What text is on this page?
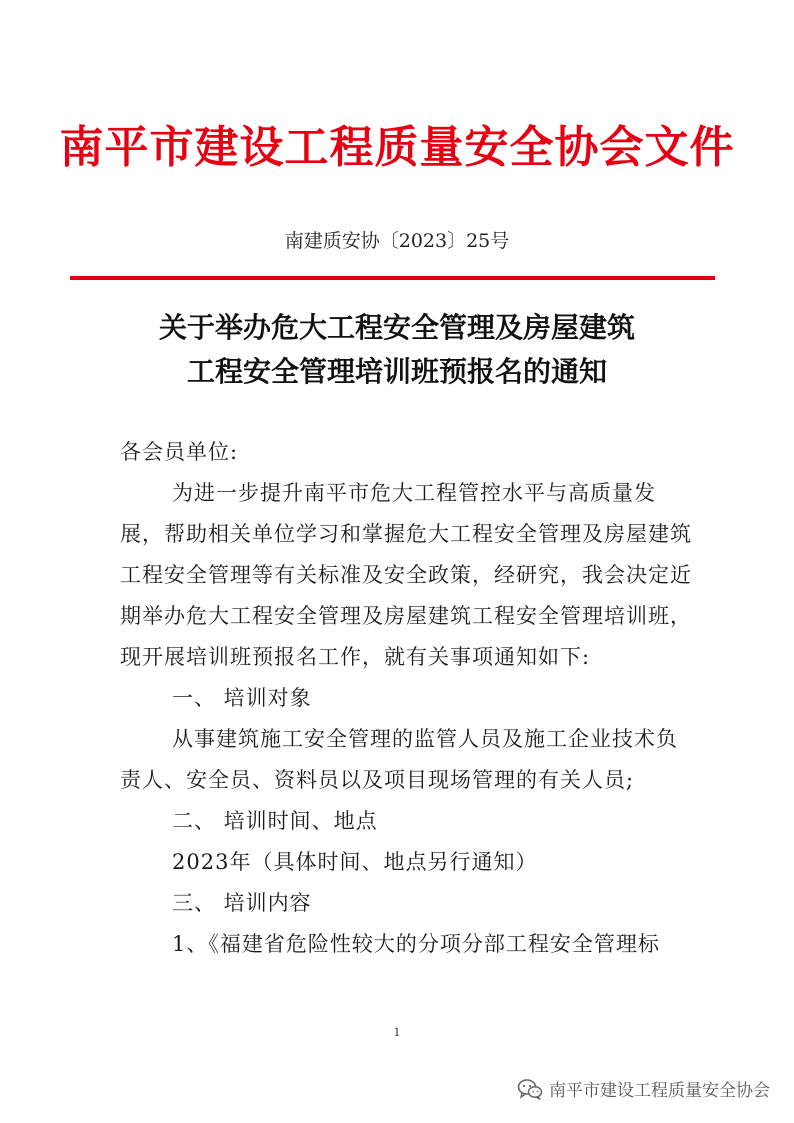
南平市建设工程质量安全协会文件
南建质安协〔2023〕25号
关于举办危大工程安全管理及房屋建筑
工程安全管理培训班预报名的通知

各会员单位:

为进一步提升南平市危大工程管控水平与高质量发

展，帮助相关单位学习和掌握危大工程安全管理及房屋建筑

工程安全管理等有关标准及安全政策，经研究，我会决定近

期举办危大工程安全管理及房屋建筑工程安全管理培训班，

现开展培训班预报名工作，就有关事项通知如下:

一、 培训对象

从事建筑施工安全管理的监管人员及施工企业技术负

责人、安全员、资料员以及项目现场管理的有关人员;

二、 培训时间、地点

2023年（具体时间、地点另行通知）

三、 培训内容

1、《福建省危险性较大的分项分部工程安全管理标

1
南平市建设工程质量安全协会
